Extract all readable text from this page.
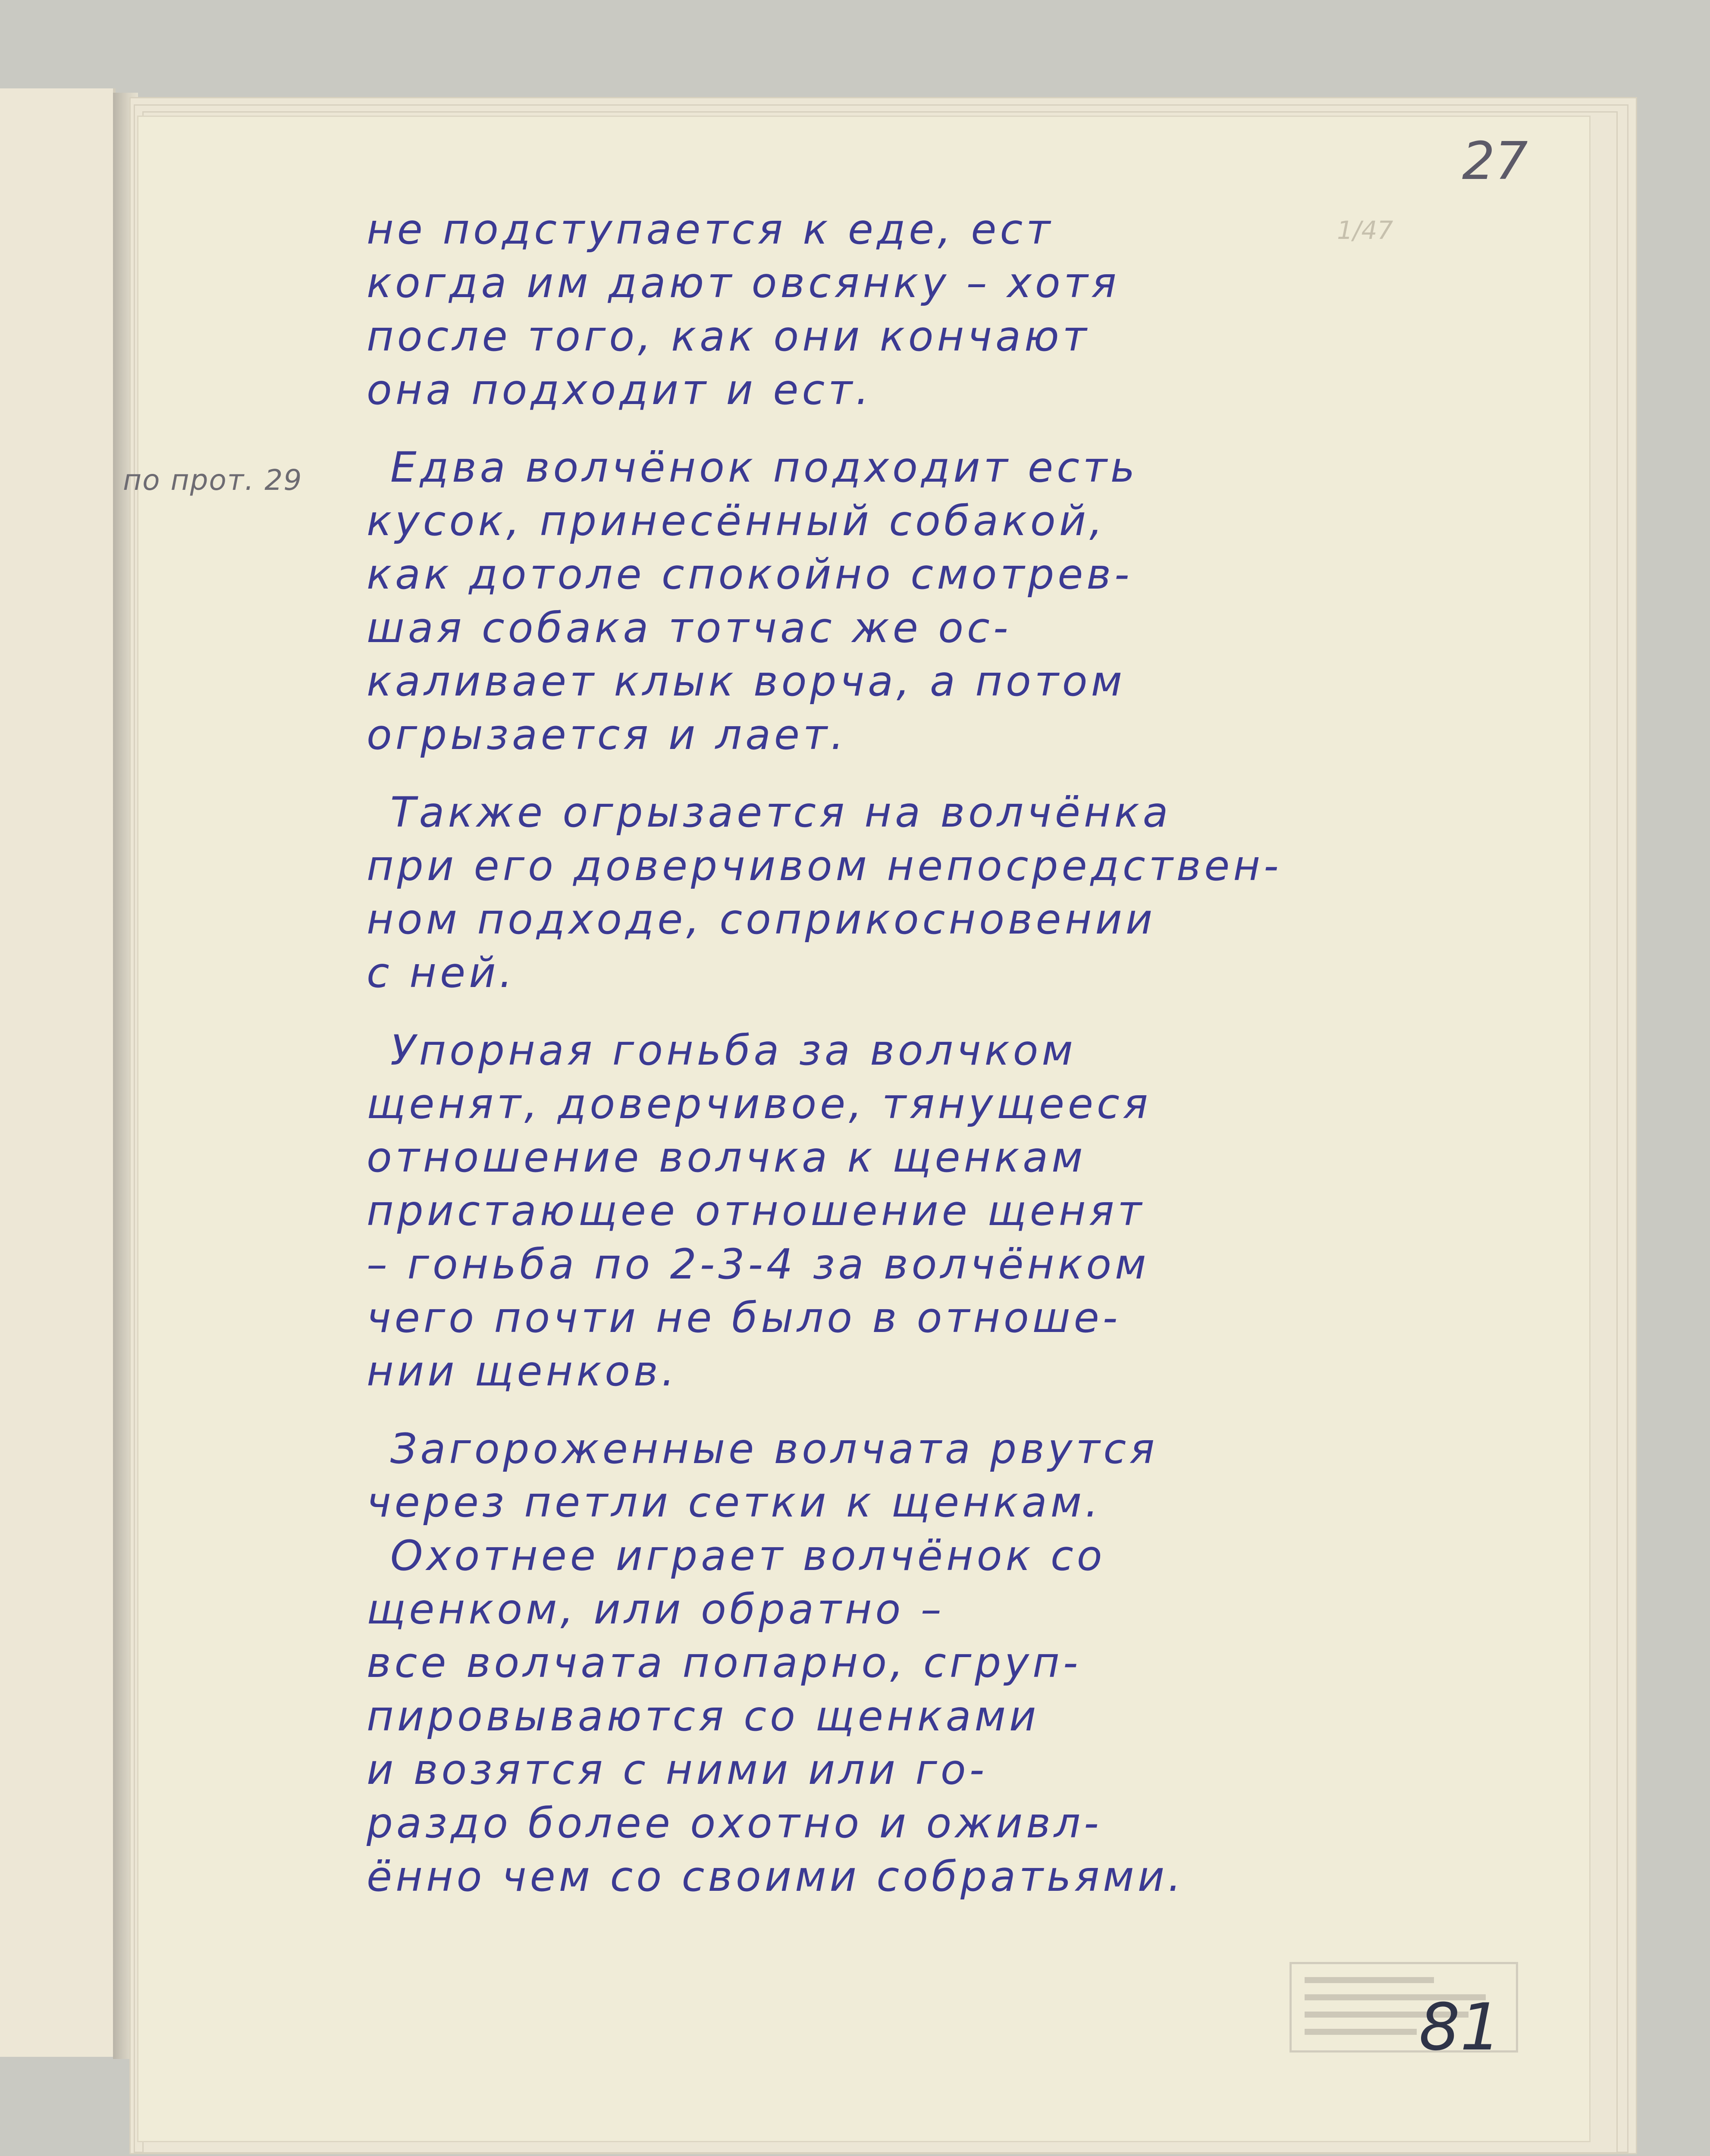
27
по прот. 29
1/47
не подступается к еде, ест
когда им дают овсянку – хотя
после того, как они кончают
она подходит и ест.
Едва волчёнок подходит есть
кусок, принесённый собакой,
как дотоле спокойно смотрев-
шая собака тотчас же ос-
каливает клык ворча, а потом
огрызается и лает.
Также огрызается на волчёнка
при его доверчивом непосредствен-
ном подходе, соприкосновении
с ней.
Упорная гоньба за волчком
щенят, доверчивое, тянущееся
отношение волчка к щенкам
пристающее отношение щенят
– гоньба по 2-3-4 за волчёнком
чего почти не было в отноше-
нии щенков.
Загороженные волчата рвутся
через петли сетки к щенкам.
Охотнее играет волчёнок со
щенком, или обратно –
все волчата попарно, сгруп-
пировываются со щенками
и возятся с ними или го-
раздо более охотно и оживл-
ённо чем со своими собратьями.
81
